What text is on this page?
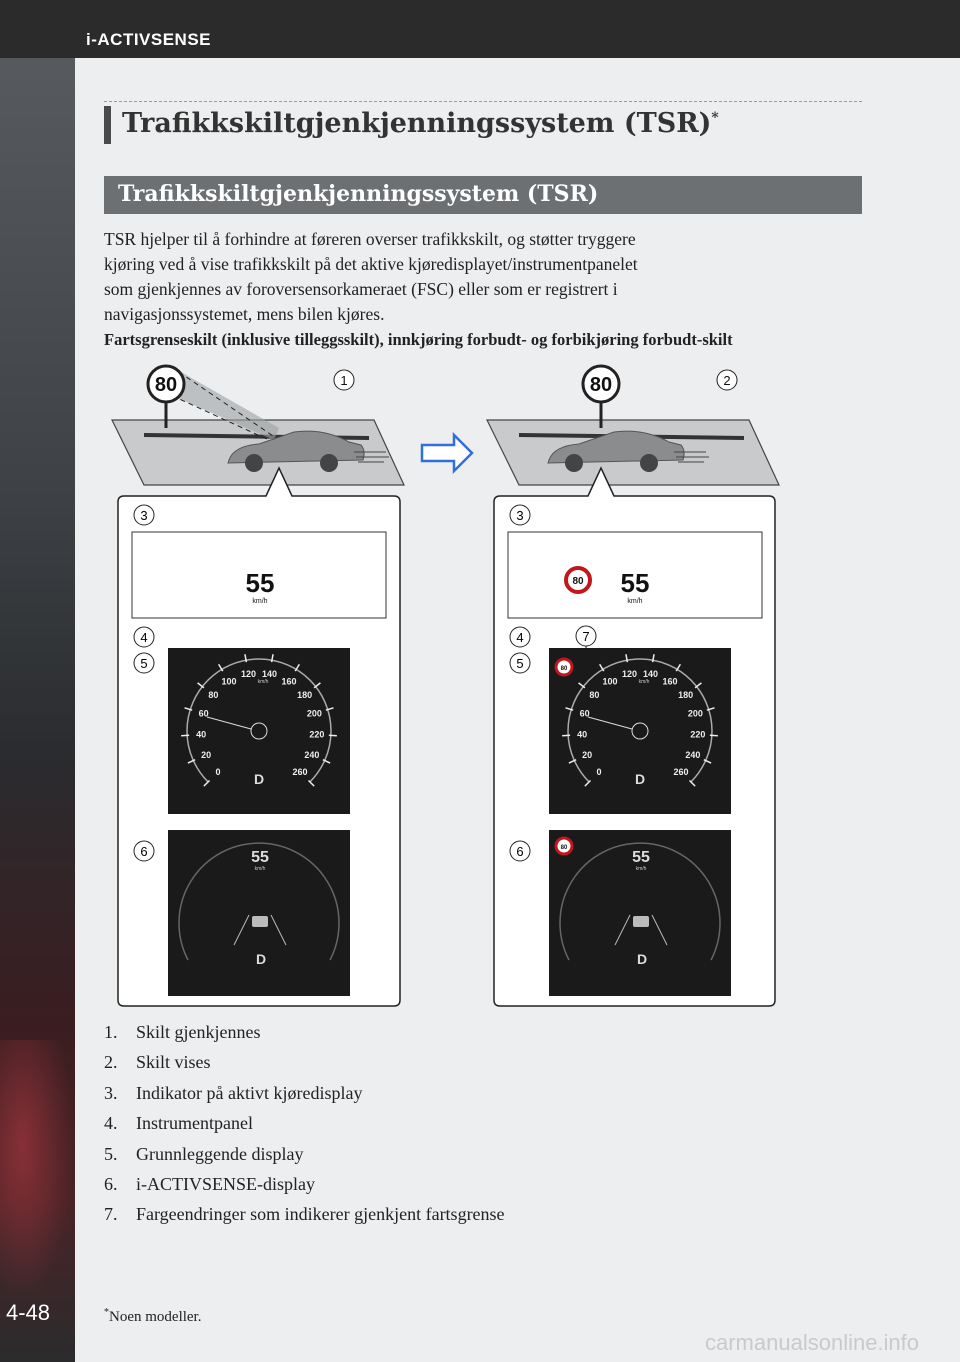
i-ACTIVSENSE
4-48
Trafikkskiltgjenkjenningssystem (TSR)*
Trafikkskiltgjenkjenningssystem (TSR)
TSR hjelper til å forhindre at føreren overser trafikkskilt, og støtter tryggere
kjøring ved å vise trafikkskilt på det aktive kjøredisplayet/instrumentpanelet
som gjenkjennes av foroversensorkameraet (FSC) eller som er registrert i
navigasjonssystemet, mens bilen kjøres.
Fartsgrenseskilt (inklusive tilleggsskilt), innkjøring forbudt- og forbikjøring forbudt-skilt
80	1	80	2
3
55
km/h
4
5
0
20
40
60
80
100
120 140
160
180
200
220
240
260
km/h
D
6	55
km/h
D
3
80 55
km/h
4	7
5
0
20
40
60
80
100
120 140
160
180
200
220
240
260
km/h
80
D
6	80
55
km/h
D
1.	Skilt gjenkjennes
2.	Skilt vises
3.	Indikator på aktivt kjøredisplay
4.	Instrumentpanel
5.	Grunnleggende display
6.	i-ACTIVSENSE-display
7.	Fargeendringer som indikerer gjenkjent fartsgrense
*Noen modeller.
carmanualsonline.info
